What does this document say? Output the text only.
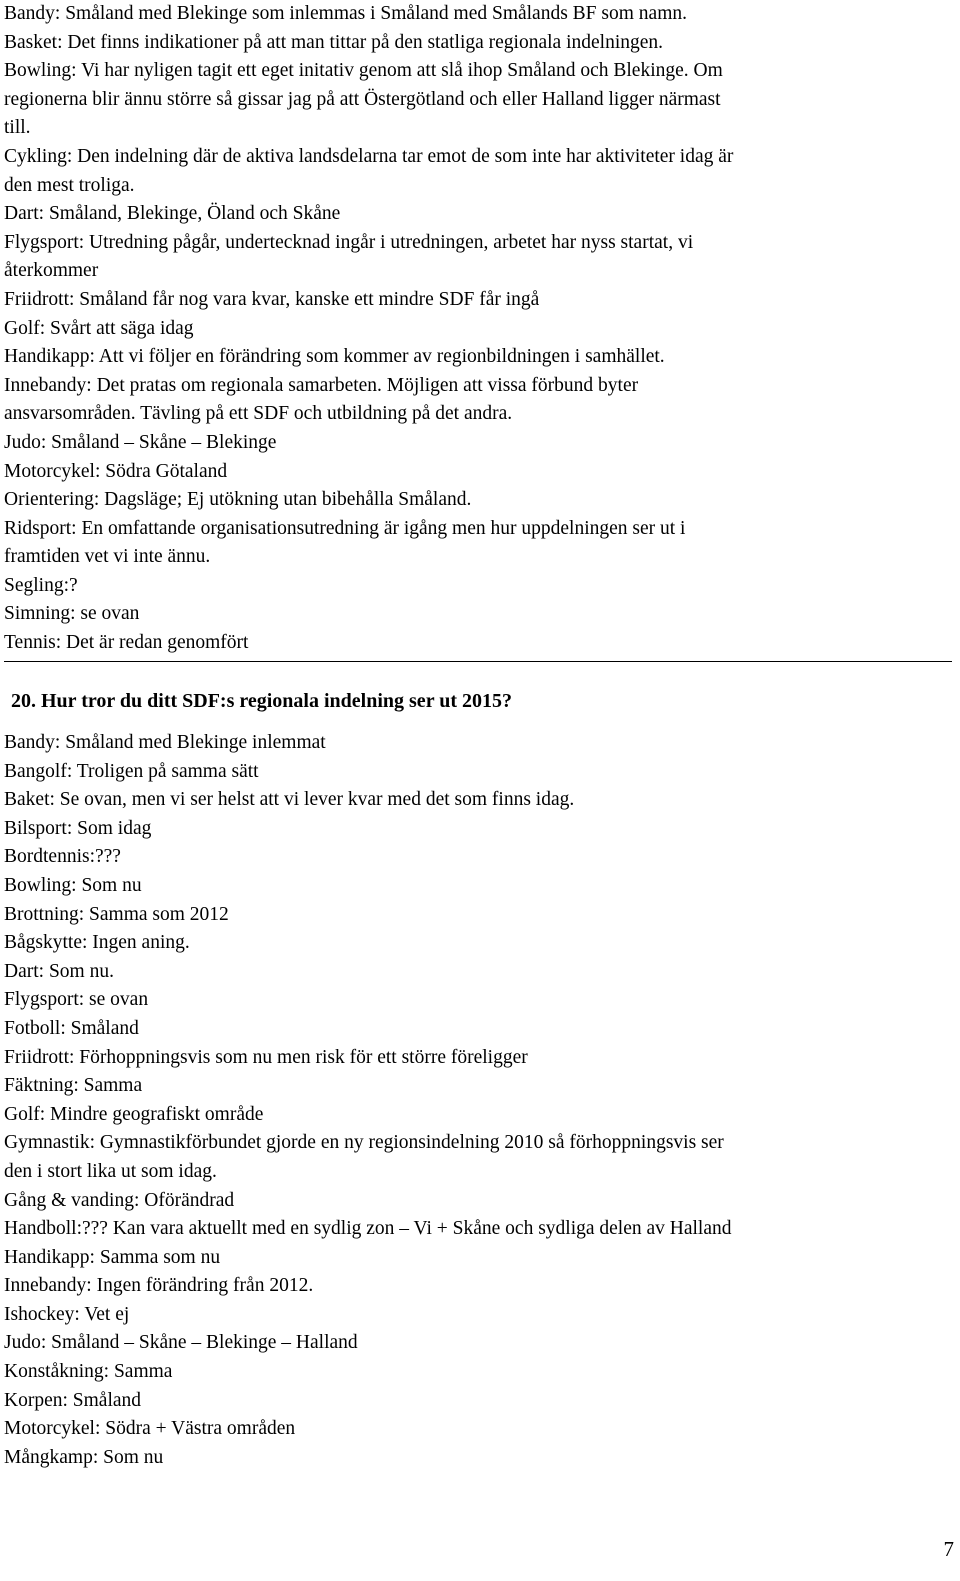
Bandy: Småland med Blekinge som inlemmas i Småland med Smålands BF som namn.

Basket: Det finns indikationer på att man tittar på den statliga regionala indelningen.

Bowling: Vi har nyligen tagit ett eget initativ genom att slå ihop Småland och Blekinge. Om

regionerna blir ännu större så gissar jag på att Östergötland och eller Halland ligger närmast

till.

Cykling: Den indelning där de aktiva landsdelarna tar emot de som inte har aktiviteter idag är

den mest troliga.

Dart: Småland, Blekinge, Öland och Skåne

Flygsport: Utredning pågår, undertecknad ingår i utredningen, arbetet har nyss startat, vi

återkommer

Friidrott: Småland får nog vara kvar, kanske ett mindre SDF får ingå

Golf: Svårt att säga idag

Handikapp: Att vi följer en förändring som kommer av regionbildningen i samhället.

Innebandy: Det pratas om regionala samarbeten. Möjligen att vissa förbund byter

ansvarsområden. Tävling på ett SDF och utbildning på det andra.

Judo: Småland – Skåne – Blekinge

Motorcykel: Södra Götaland

Orientering: Dagsläge; Ej utökning utan bibehålla Småland.

Ridsport: En omfattande organisationsutredning är igång men hur uppdelningen ser ut i

framtiden vet vi inte ännu.

Segling:?

Simning: se ovan

Tennis: Det är redan genomfört

20. Hur tror du ditt SDF:s regionala indelning ser ut 2015?

Bandy: Småland med Blekinge inlemmat

Bangolf: Troligen på samma sätt

Baket: Se ovan, men vi ser helst att vi lever kvar med det som finns idag.

Bilsport: Som idag

Bordtennis:???

Bowling: Som nu

Brottning: Samma som 2012

Bågskytte: Ingen aning.

Dart: Som nu.

Flygsport: se ovan

Fotboll: Småland

Friidrott: Förhoppningsvis som nu men risk för ett större föreligger

Fäktning: Samma

Golf: Mindre geografiskt område

Gymnastik: Gymnastikförbundet gjorde en ny regionsindelning 2010 så förhoppningsvis ser

den i stort lika ut som idag.

Gång & vanding: Oförändrad

Handboll:??? Kan vara aktuellt med en sydlig zon – Vi + Skåne och sydliga delen av Halland

Handikapp: Samma som nu

Innebandy: Ingen förändring från 2012.

Ishockey: Vet ej

Judo: Småland – Skåne – Blekinge – Halland

Konståkning: Samma

Korpen: Småland

Motorcykel: Södra + Västra områden

Mångkamp: Som nu

7
